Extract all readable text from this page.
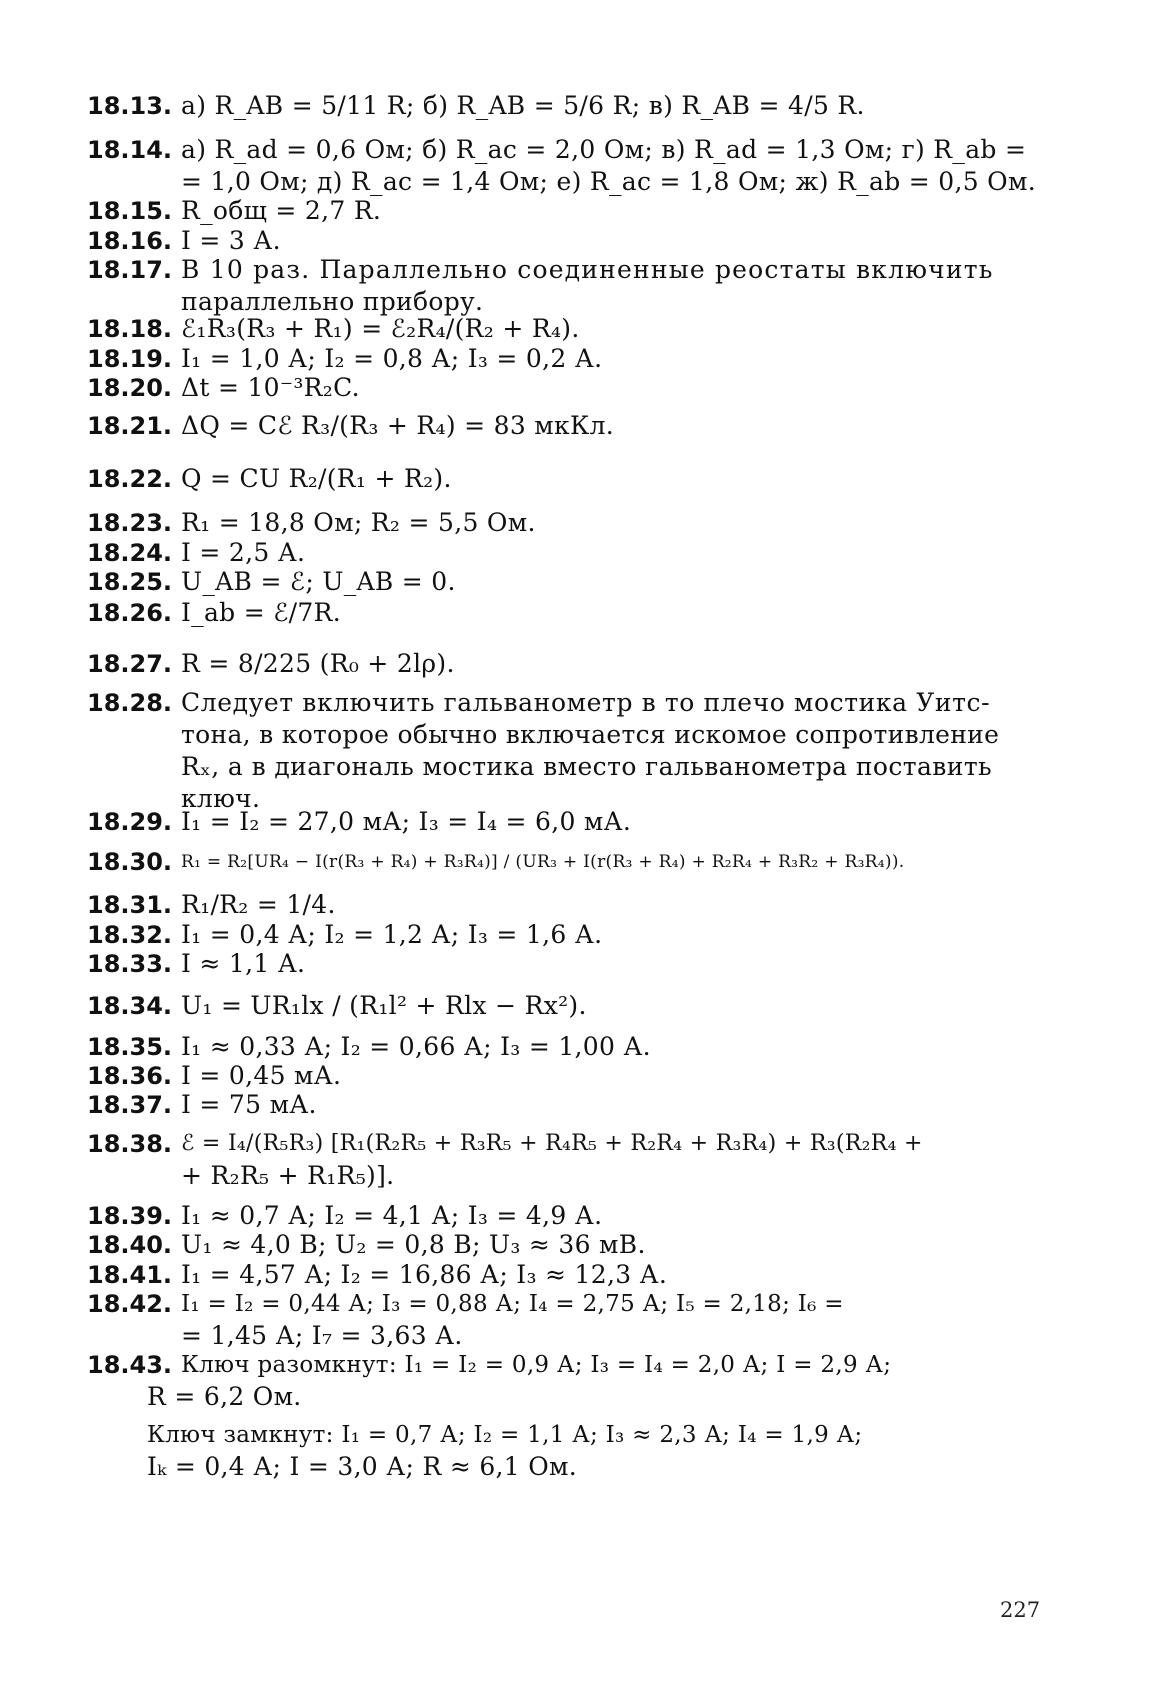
18.13. а) R_AB = 5/11 R; б) R_AB = 5/6 R; в) R_AB = 4/5 R.
18.14. а) R_ad = 0,6 Ом; б) R_ac = 2,0 Ом; в) R_ad = 1,3 Ом; г) R_ab =
= 1,0 Ом; д) R_ac = 1,4 Ом; е) R_ac = 1,8 Ом; ж) R_ab = 0,5 Ом.
18.15. R_общ = 2,7 R.
18.16. I = 3 А.
18.17. В 10 раз. Параллельно соединенные реостаты включить
параллельно прибору.
18.18. ℰ₁R₃(R₃ + R₁) = ℰ₂R₄/(R₂ + R₄).
18.19. I₁ = 1,0 А; I₂ = 0,8 А; I₃ = 0,2 А.
18.20. Δt = 10⁻³R₂C.
18.21. ΔQ = Cℰ R₃/(R₃ + R₄) = 83 мкКл.
18.22. Q = CU R₂/(R₁ + R₂).
18.23. R₁ = 18,8 Ом; R₂ = 5,5 Ом.
18.24. I = 2,5 А.
18.25. U_AB = ℰ; U_AB = 0.
18.26. I_ab = ℰ/7R.
18.27. R = 8/225 (R₀ + 2lρ).
18.28. Следует включить гальванометр в то плечо мостика Уитс-
тона, в которое обычно включается искомое сопротивление
Rₓ, а в диагональ мостика вместо гальванометра поставить
ключ.
18.29. I₁ = I₂ = 27,0 мА; I₃ = I₄ = 6,0 мА.
18.30. R₁ = R₂[UR₄ − I(r(R₃ + R₄) + R₃R₄)] / (UR₃ + I(r(R₃ + R₄) + R₂R₄ + R₃R₂ + R₃R₄)).
18.31. R₁/R₂ = 1/4.
18.32. I₁ = 0,4 А; I₂ = 1,2 А; I₃ = 1,6 А.
18.33. I ≈ 1,1 А.
18.34. U₁ = UR₁lx / (R₁l² + Rlx − Rx²).
18.35. I₁ ≈ 0,33 А; I₂ = 0,66 А; I₃ = 1,00 А.
18.36. I = 0,45 мА.
18.37. I = 75 мА.
18.38. ℰ = I₄/(R₅R₃) [R₁(R₂R₅ + R₃R₅ + R₄R₅ + R₂R₄ + R₃R₄) + R₃(R₂R₄ +
+ R₂R₅ + R₁R₅)].
18.39. I₁ ≈ 0,7 А; I₂ = 4,1 А; I₃ = 4,9 А.
18.40. U₁ ≈ 4,0 В; U₂ = 0,8 В; U₃ ≈ 36 мВ.
18.41. I₁ = 4,57 А; I₂ = 16,86 А; I₃ ≈ 12,3 А.
18.42. I₁ = I₂ = 0,44 А; I₃ = 0,88 А; I₄ = 2,75 А; I₅ = 2,18; I₆ =
= 1,45 А; I₇ = 3,63 А.
18.43. Ключ разомкнут: I₁ = I₂ = 0,9 А; I₃ = I₄ = 2,0 А; I = 2,9 А;
R = 6,2 Ом.
Ключ замкнут: I₁ = 0,7 А; I₂ = 1,1 А; I₃ ≈ 2,3 А; I₄ = 1,9 А;
Iₖ = 0,4 А; I = 3,0 А; R ≈ 6,1 Ом.
227
